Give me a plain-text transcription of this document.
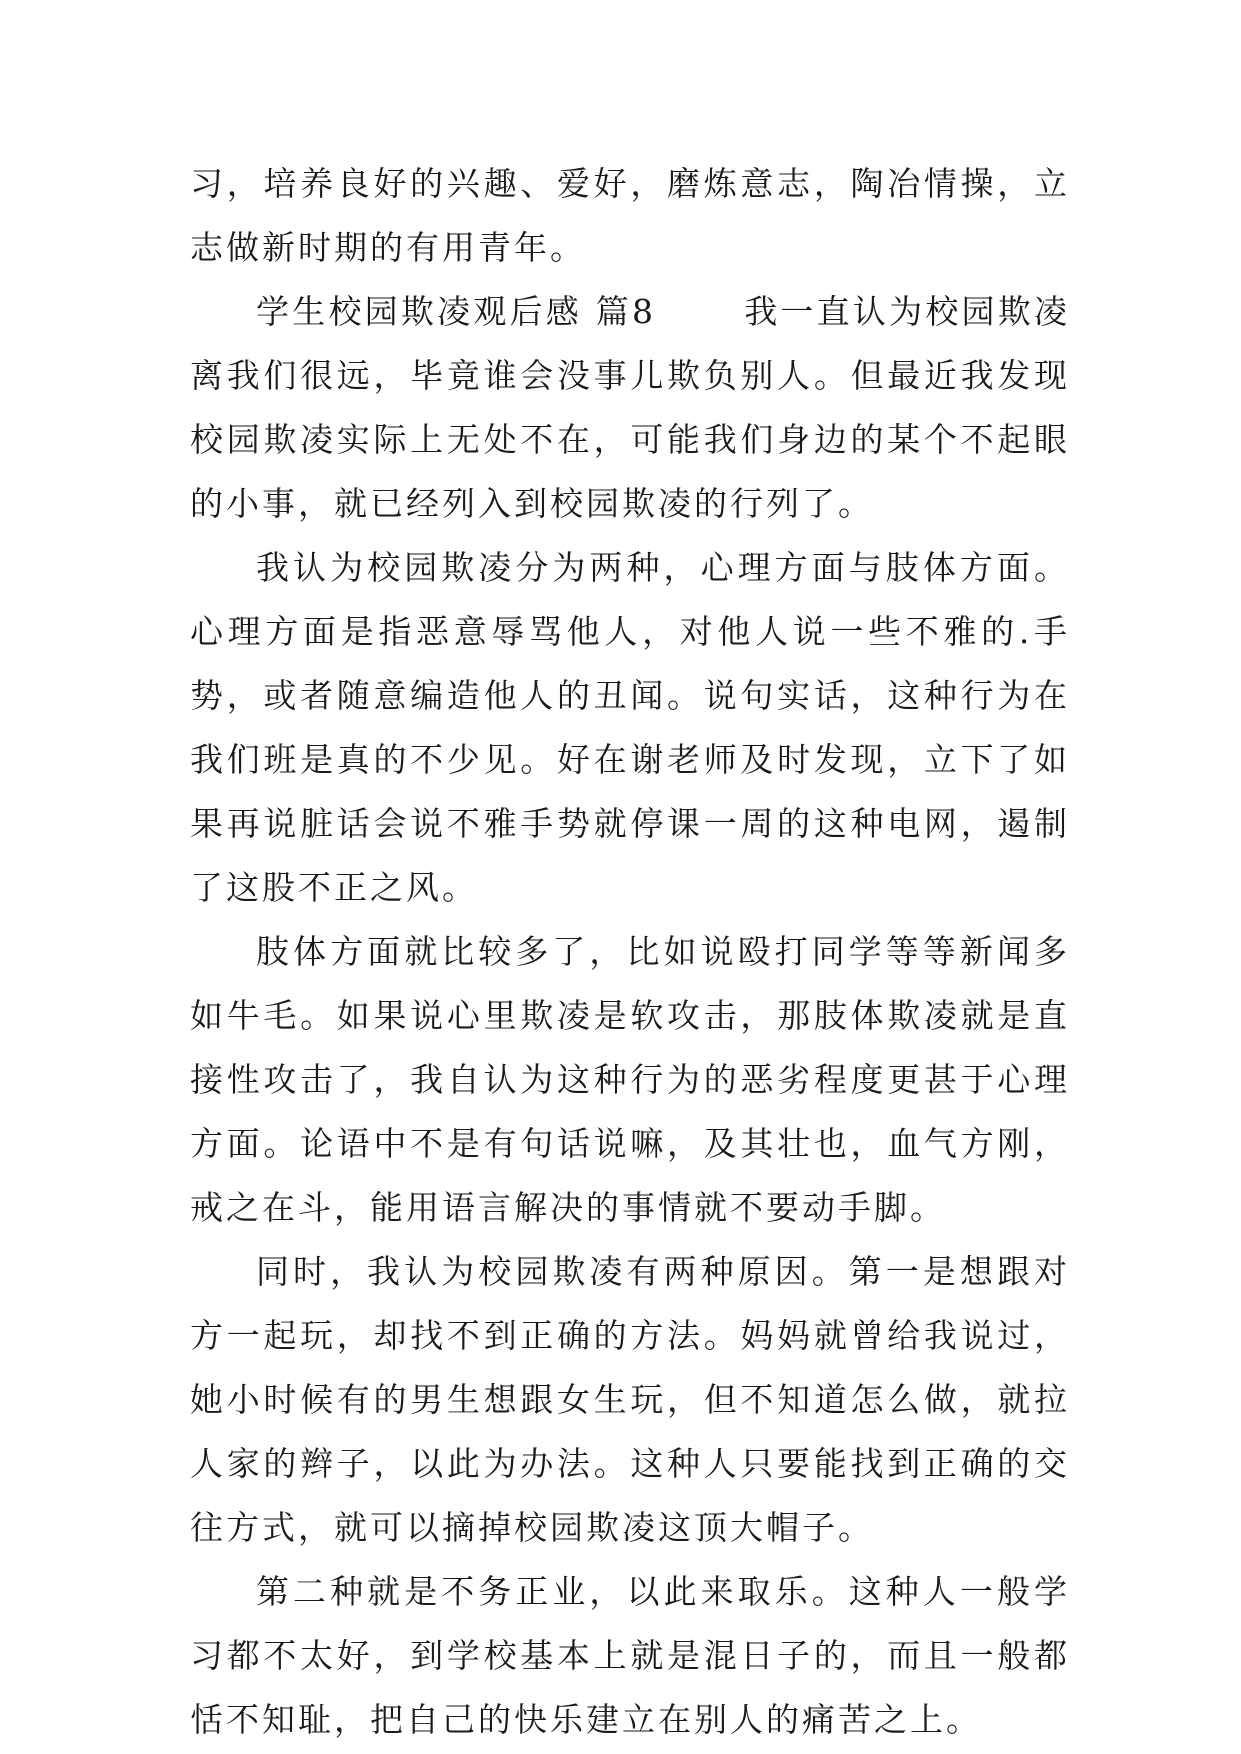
习，培养良好的兴趣、爱好，磨炼意志，陶冶情操，立志做新时期的有用青年。

学生校园欺凌观后感 篇8	我一直认为校园欺凌离我们很远，毕竟谁会没事儿欺负别人。但最近我发现校园欺凌实际上无处不在，可能我们身边的某个不起眼的小事，就已经列入到校园欺凌的行列了。

我认为校园欺凌分为两种，心理方面与肢体方面。心理方面是指恶意辱骂他人，对他人说一些不雅的.手势，或者随意编造他人的丑闻。说句实话，这种行为在我们班是真的不少见。好在谢老师及时发现，立下了如果再说脏话会说不雅手势就停课一周的这种电网，遏制了这股不正之风。

肢体方面就比较多了，比如说殴打同学等等新闻多如牛毛。如果说心里欺凌是软攻击，那肢体欺凌就是直接性攻击了，我自认为这种行为的恶劣程度更甚于心理方面。论语中不是有句话说嘛，及其壮也，血气方刚，戒之在斗，能用语言解决的事情就不要动手脚。

同时，我认为校园欺凌有两种原因。第一是想跟对方一起玩，却找不到正确的方法。妈妈就曾给我说过，她小时候有的男生想跟女生玩，但不知道怎么做，就拉人家的辫子，以此为办法。这种人只要能找到正确的交往方式，就可以摘掉校园欺凌这顶大帽子。

第二种就是不务正业，以此来取乐。这种人一般学习都不太好，到学校基本上就是混日子的，而且一般都恬不知耻，把自己的快乐建立在别人的痛苦之上。
